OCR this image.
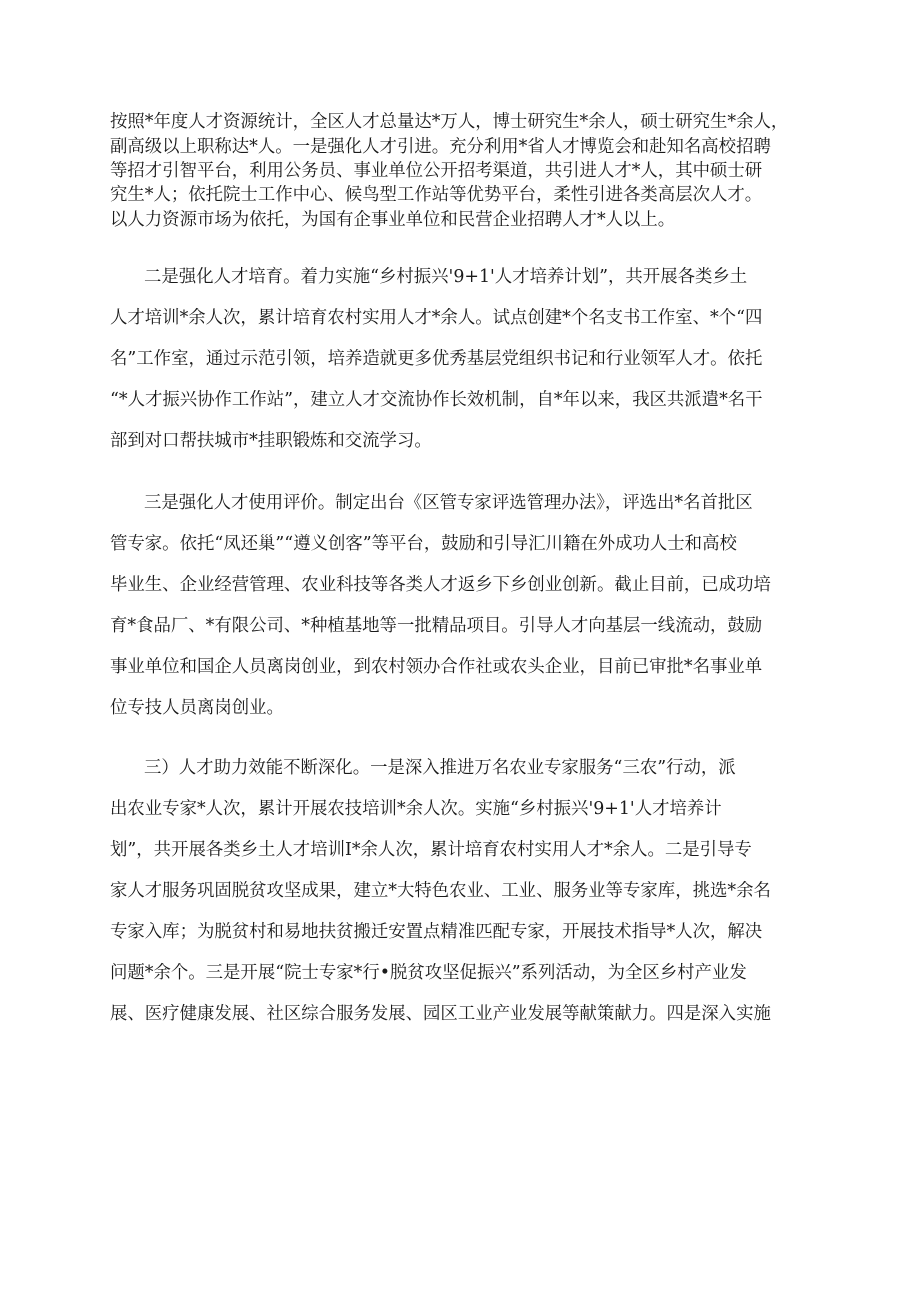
按照*年度人才资源统计，全区人才总量达*万人，博士研究生*余人，硕士研究生*余人，

副高级以上职称达*人。一是强化人才引进。充分利用*省人才博览会和赴知名高校招聘

等招才引智平台，利用公务员、事业单位公开招考渠道，共引进人才*人，其中硕士研

究生*人；依托院士工作中心、候鸟型工作站等优势平台，柔性引进各类高层次人才。

以人力资源市场为依托，为国有企事业单位和民营企业招聘人才*人以上。

二是强化人才培育。着力实施“乡村振兴'9+1'人才培养计划”，共开展各类乡土

人才培训*余人次，累计培育农村实用人才*余人。试点创建*个名支书工作室、*个“四

名”工作室，通过示范引领，培养造就更多优秀基层党组织书记和行业领军人才。依托

“*人才振兴协作工作站”，建立人才交流协作长效机制，自*年以来，我区共派遣*名干

部到对口帮扶城市*挂职锻炼和交流学习。

三是强化人才使用评价。制定出台《区管专家评选管理办法》，评选出*名首批区

管专家。依托“凤还巢”“遵义创客”等平台，鼓励和引导汇川籍在外成功人士和高校

毕业生、企业经营管理、农业科技等各类人才返乡下乡创业创新。截止目前，已成功培

育*食品厂、*有限公司、*种植基地等一批精品项目。引导人才向基层一线流动，鼓励

事业单位和国企人员离岗创业，到农村领办合作社或农头企业，目前已审批*名事业单

位专技人员离岗创业。

三）人才助力效能不断深化。一是深入推进万名农业专家服务“三农”行动，派

出农业专家*人次，累计开展农技培训*余人次。实施“乡村振兴'9+1'人才培养计

划”，共开展各类乡土人才培训I*余人次，累计培育农村实用人才*余人。二是引导专

家人才服务巩固脱贫攻坚成果，建立*大特色农业、工业、服务业等专家库，挑选*余名

专家入库；为脱贫村和易地扶贫搬迁安置点精准匹配专家，开展技术指导*人次，解决

问题*余个。三是开展“院士专家*行•脱贫攻坚促振兴”系列活动，为全区乡村产业发

展、医疗健康发展、社区综合服务发展、园区工业产业发展等献策献力。四是深入实施
